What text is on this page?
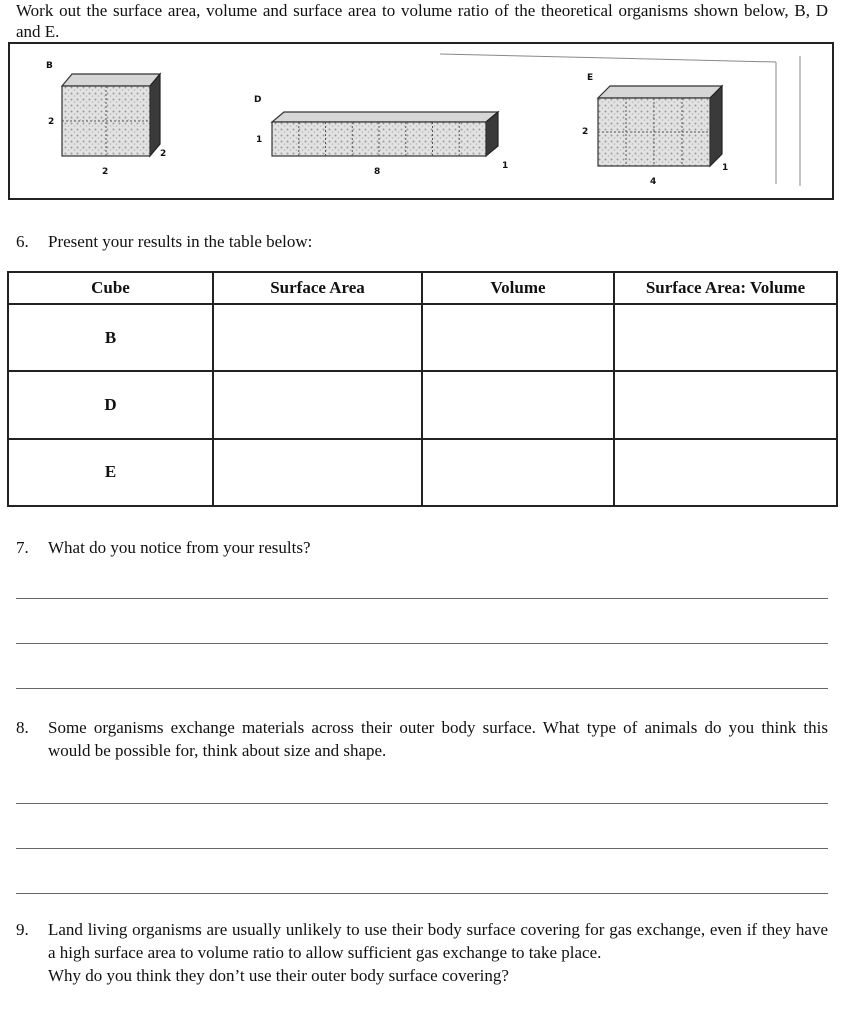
Work out the surface area, volume and surface area to volume ratio of the theoretical organisms shown below, B, D and E.
B
2
2
2
D
1
8
1
E
2
4
1
6. Present your results in the table below:
Cube	Surface Area	Volume	Surface Area: Volume
B			
D			
E			
7. What do you notice from your results?
8. Some organisms exchange materials across their outer body surface. What type of animals do you think this would be possible for, think about size and shape.
9. Land living organisms are usually unlikely to use their body surface covering for gas exchange, even if they have a high surface area to volume ratio to allow sufficient gas exchange to take place.
Why do you think they don’t use their outer body surface covering?
